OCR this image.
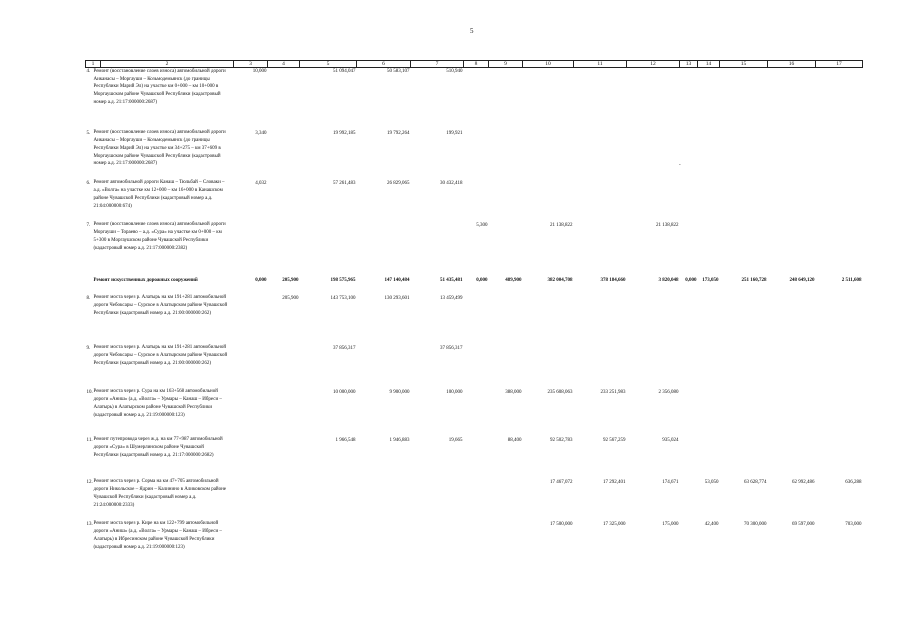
5
1 2	3	4	5	6	7	8	9	10	11	12	13	14	15	16	17
4. Ремонт (восстановление слоев износа) автомобильной дороги Аиканасы – Моргауши – Козьмодемьянск (до границы Республики Марий Эл) на участке км 0+000 – км 10+000 в Моргаушском районе Чувашской Республики (кадастровый номер а.д. 21:17:000000:2687)	10,000		51 094,047	50 583,107	510,940										
5. Ремонт (восстановление слоев износа) автомобильной дороги Аиканасы – Моргауши – Козьмодемьянск (до границы Республики Марий Эл) на участке км 34+275 – км 37+609 в Моргаушском районе Чувашской Республики (кадастровый номер а.д. 21:17:000000:2687)	3,340		19 992,185	19 792,264	199,921										
6. Ремонт автомобильной дороги Канаш – Тюльбай – Словаки – а.д. «Волга» на участке км 12+000 – км 16+000 в Канашском районе Чувашской Республики (кадастровый номер а.д. 21:04:000000:674)	4,032		57 261,483	26 829,065	30 432,418										
7. Ремонт (восстановление слоев износа) автомобильной дороги Моргауши – Тораево – а.д. «Сура» на участке км 0+000 – км 5+300 в Моргаушском районе Чувашской Республики (кадастровый номер а.д. 21:17:000000:2382)						5,300		21 138,822		21 138,822					

Ремонт искусственных дорожных сооружений	0,000	205,900	198 575,965	147 140,484	51 435,481	0,000	489,900	382 004,708	378 184,660	3 820,048	0,000	173,050	251 160,728	248 649,120	2 511,608
8. Ремонт моста через р. Алатырь на км 191+281 автомобильной дороги Чебоксары – Сурское в Алатырском районе Чувашской Республики (кадастровый номер а.д. 21:00:000000:262)		205,900	143 753,100	130 293,601	13 459,499										
9. Ремонт моста через р. Алатырь на км 191+281 автомобильной дороги Чебоксары – Сурское в Алатырском районе Чувашской Республики (кадастровый номер а.д. 21:00:000000:262)			37 856,317		37 856,317										
10. Ремонт моста через р. Сура на км 163+568 автомобильной дороги «Аниш» (а.д. «Волга» – Урмары – Канаш – Ибреси – Алатырь) в Алатырском районе Чувашской Республики (кадастровый номер а.д. 21:19:000000:123)			10 000,000	9 900,000	100,000		388,000	235 608,063	233 251,983	2 356,080					
11. Ремонт путепровода через ж.д. на км 77+987 автомобильной дороги «Сура» в Шумерлинском районе Чувашской Республики (кадастровый номер а.д. 21:17:000000:2682)			1 966,548	1 946,883	19,665		88,400	92 502,783	92 567,259	935,024					
12. Ремонт моста через р. Сорма на км 47+705 автомобильной дороги Никольское – Ядрин – Калинино в Аликовском районе Чувашской Республики (кадастровый номер а.д. 21:24:000000:2333)								17 467,072	17 292,401	174,671		53,050	63 628,774	62 992,486	636,288
13. Ремонт моста через р. Кире на км 122+799 автомобильной дороги «Аниш» (а.д. «Волга» – Урмары – Канаш – Ибреси – Алатырь) в Ибресинском районе Чувашской Республики (кадастровый номер а.д. 21:19:000000:123)								17 500,000	17 325,000	175,000		42,400	70 300,000	69 597,000	703,000
-
